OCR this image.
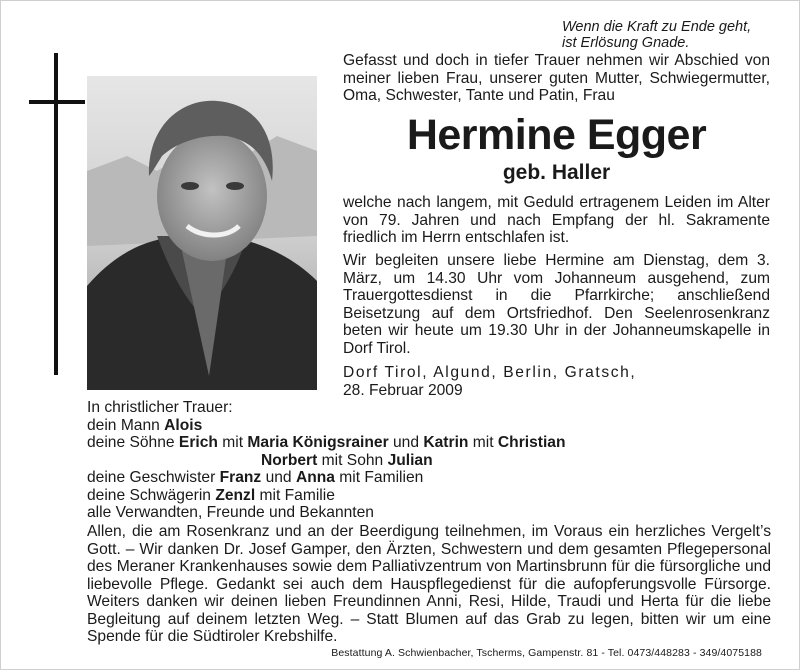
Wenn die Kraft zu Ende geht,
ist Erlösung Gnade.
Gefasst und doch in tiefer Trauer nehmen wir Abschied von meiner lieben Frau, unserer guten Mutter, Schwiegermutter, Oma, Schwester, Tante und Patin, Frau
Hermine Egger
geb. Haller
welche nach langem, mit Geduld ertragenem Leiden im Alter von 79. Jahren und nach Empfang der hl. Sakramente friedlich im Herrn entschlafen ist.
Wir begleiten unsere liebe Hermine am Dienstag, dem 3. März, um 14.30 Uhr vom Johanneum ausgehend, zum Trauergottesdienst in die Pfarrkirche; anschließend Beisetzung auf dem Ortsfriedhof. Den Seelenrosenkranz beten wir heute um 19.30 Uhr in der Johanneumskapelle in Dorf Tirol.
Dorf Tirol, Algund, Berlin, Gratsch,
28. Februar 2009
In christlicher Trauer:
dein Mann Alois
deine Söhne Erich mit Maria Königsrainer und Katrin mit Christian
Norbert mit Sohn Julian
deine Geschwister Franz und Anna mit Familien
deine Schwägerin Zenzl mit Familie
alle Verwandten, Freunde und Bekannten
Allen, die am Rosenkranz und an der Beerdigung teilnehmen, im Voraus ein herzliches Vergelt’s Gott. – Wir danken Dr. Josef Gamper, den Ärzten, Schwestern und dem gesamten Pflegepersonal des Meraner Krankenhauses sowie dem Palliativzentrum von Martinsbrunn für die fürsorgliche und liebevolle Pflege. Gedankt sei auch dem Hauspflegedienst für die aufopferungsvolle Fürsorge. Weiters danken wir deinen lieben Freundinnen Anni, Resi, Hilde, Traudi und Herta für die liebe Begleitung auf deinem letzten Weg. – Statt Blumen auf das Grab zu legen, bitten wir um eine Spende für die Südtiroler Krebshilfe.
Bestattung A. Schwienbacher, Tscherms, Gampenstr. 81 - Tel. 0473/448283 - 349/4075188
